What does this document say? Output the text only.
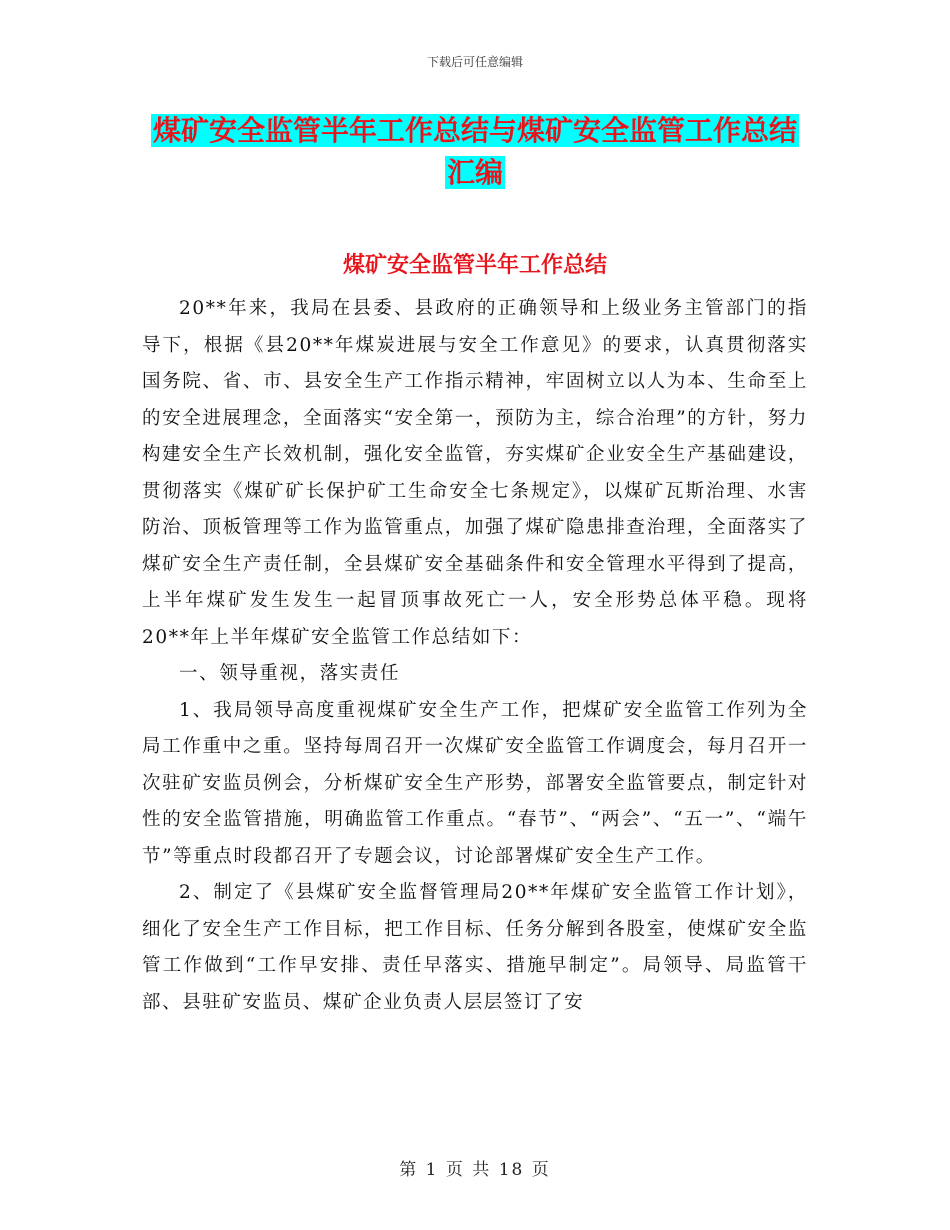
下载后可任意编辑
煤矿安全监管半年工作总结与煤矿安全监管工作总结
汇编
煤矿安全监管半年工作总结

20**年来，我局在县委、县政府的正确领导和上级业务主管部门的指导下，根据《县20**年煤炭进展与安全工作意见》的要求，认真贯彻落实国务院、省、市、县安全生产工作指示精神，牢固树立以人为本、生命至上的安全进展理念，全面落实“安全第一，预防为主，综合治理”的方针，努力构建安全生产长效机制，强化安全监管，夯实煤矿企业安全生产基础建设，贯彻落实《煤矿矿长保护矿工生命安全七条规定》，以煤矿瓦斯治理、水害防治、顶板管理等工作为监管重点，加强了煤矿隐患排查治理，全面落实了煤矿安全生产责任制，全县煤矿安全基础条件和安全管理水平得到了提高，上半年煤矿发生发生一起冒顶事故死亡一人，安全形势总体平稳。现将20**年上半年煤矿安全监管工作总结如下：

一、领导重视，落实责任

1、我局领导高度重视煤矿安全生产工作，把煤矿安全监管工作列为全局工作重中之重。坚持每周召开一次煤矿安全监管工作调度会，每月召开一次驻矿安监员例会，分析煤矿安全生产形势，部署安全监管要点，制定针对性的安全监管措施，明确监管工作重点。“春节”、“两会”、“五一”、“端午节”等重点时段都召开了专题会议，讨论部署煤矿安全生产工作。

2、制定了《县煤矿安全监督管理局20**年煤矿安全监管工作计划》，细化了安全生产工作目标，把工作目标、任务分解到各股室，使煤矿安全监管工作做到“工作早安排、责任早落实、措施早制定”。局领导、局监管干部、县驻矿安监员、煤矿企业负责人层层签订了安

第 1 页 共 18 页
